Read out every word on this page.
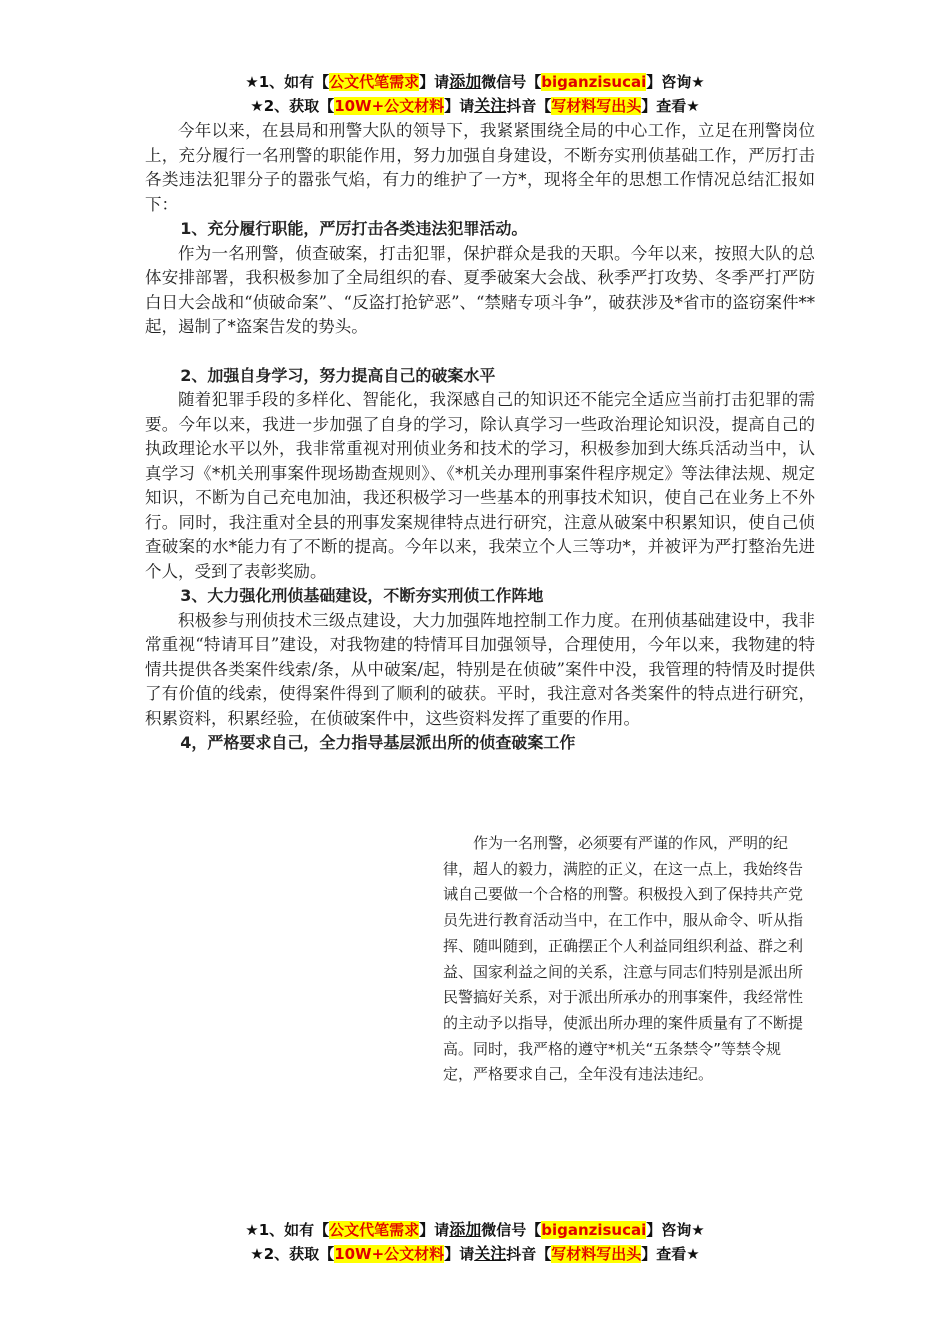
★1、如有【公文代笔需求】请添加微信号【biganzisucai】咨询★
★2、获取【10W+公文材料】请关注抖音【写材料写出头】查看★

今年以来，在县局和刑警大队的领导下，我紧紧围绕全局的中心工作，立足在刑警岗位上，充分履行一名刑警的职能作用，努力加强自身建设，不断夯实刑侦基础工作，严厉打击各类违法犯罪分子的嚣张气焰，有力的维护了一方*，现将全年的思想工作情况总结汇报如下：

1、充分履行职能，严厉打击各类违法犯罪活动。

作为一名刑警，侦查破案，打击犯罪，保护群众是我的天职。今年以来，按照大队的总体安排部署，我积极参加了全局组织的春、夏季破案大会战、秋季严打攻势、冬季严打严防白日大会战和“侦破命案”、“反盗打抢铲恶”、“禁赌专项斗争”，破获涉及*省市的盗窃案件**起，遏制了*盗案告发的势头。

2、加强自身学习，努力提高自己的破案水平

随着犯罪手段的多样化、智能化，我深感自己的知识还不能完全适应当前打击犯罪的需要。今年以来，我进一步加强了自身的学习，除认真学习一些政治理论知识没，提高自己的执政理论水平以外，我非常重视对刑侦业务和技术的学习，积极参加到大练兵活动当中，认真学习《*机关刑事案件现场勘查规则》、《*机关办理刑事案件程序规定》等法律法规、规定知识，不断为自己充电加油，我还积极学习一些基本的刑事技术知识，使自己在业务上不外行。同时，我注重对全县的刑事发案规律特点进行研究，注意从破案中积累知识，使自己侦查破案的水*能力有了不断的提高。今年以来，我荣立个人三等功*，并被评为严打整治先进个人，受到了表彰奖励。

3、大力强化刑侦基础建设，不断夯实刑侦工作阵地

积极参与刑侦技术三级点建设，大力加强阵地控制工作力度。在刑侦基础建设中，我非常重视“特请耳目”建设，对我物建的特情耳目加强领导，合理使用，今年以来，我物建的特情共提供各类案件线索/条，从中破案/起，特别是在侦破”案件中没，我管理的特情及时提供了有价值的线索，使得案件得到了顺利的破获。平时，我注意对各类案件的特点进行研究，积累资料，积累经验，在侦破案件中，这些资料发挥了重要的作用。

4，严格要求自己，全力指导基层派出所的侦查破案工作

作为一名刑警，必须要有严谨的作风，严明的纪律，超人的毅力，满腔的正义，在这一点上，我始终告诫自己要做一个合格的刑警。积极投入到了保持共产党员先进行教育活动当中，在工作中，服从命令、听从指挥、随叫随到，正确摆正个人利益同组织利益、群之利益、国家利益之间的关系，注意与同志们特别是派出所民警搞好关系，对于派出所承办的刑事案件，我经常性的主动予以指导，使派出所办理的案件质量有了不断提高。同时，我严格的遵守*机关“五条禁令”等禁令规定，严格要求自己，全年没有违法违纪。

★1、如有【公文代笔需求】请添加微信号【biganzisucai】咨询★
★2、获取【10W+公文材料】请关注抖音【写材料写出头】查看★
